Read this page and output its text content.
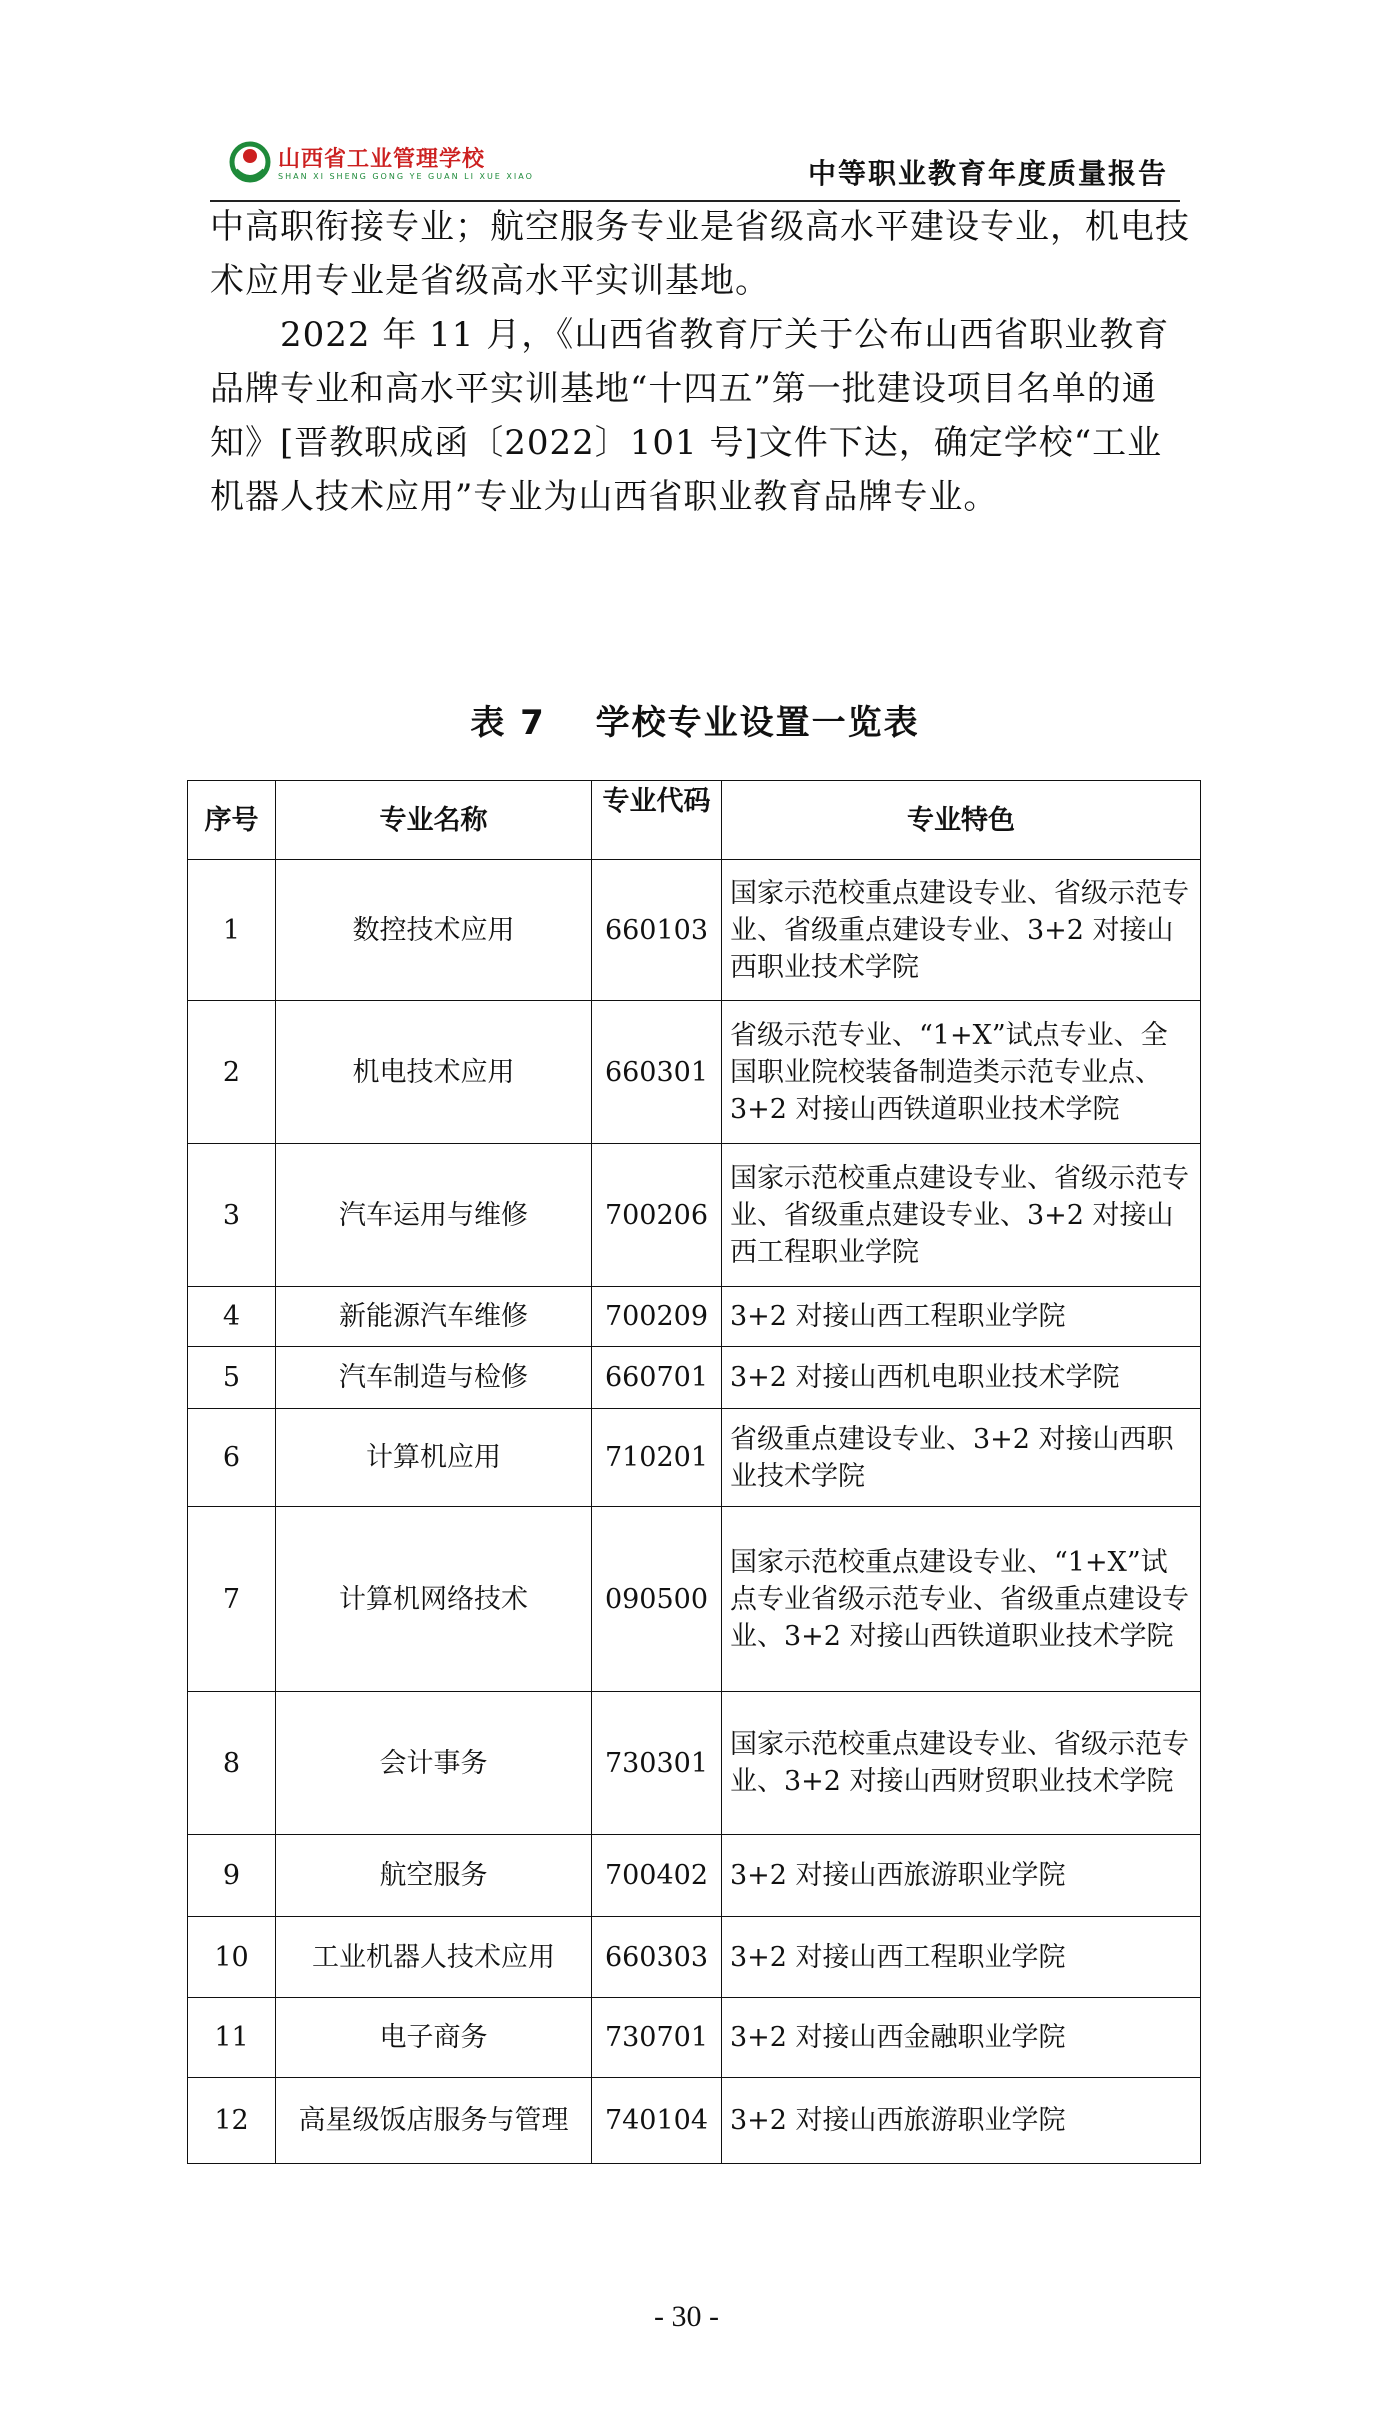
山西省工业管理学校
SHAN XI SHENG GONG YE GUAN LI XUE XIAO	中等职业教育年度质量报告

中高职衔接专业；航空服务专业是省级高水平建设专业，机电技术应用专业是省级高水平实训基地。

2022 年 11 月，《山西省教育厅关于公布山西省职业教育品牌专业和高水平实训基地“十四五”第一批建设项目名单的通知》[晋教职成函〔2022〕101 号]文件下达，确定学校“工业机器人技术应用”专业为山西省职业教育品牌专业。

表 7　 学校专业设置一览表
序号	专业名称	专业代码	专业特色
1	数控技术应用	660103	国家示范校重点建设专业、省级示范专业、省级重点建设专业、3+2 对接山西职业技术学院
2	机电技术应用	660301	省级示范专业、“1+X”试点专业、全国职业院校装备制造类示范专业点、3+2 对接山西铁道职业技术学院
3	汽车运用与维修	700206	国家示范校重点建设专业、省级示范专业、省级重点建设专业、3+2 对接山西工程职业学院
4	新能源汽车维修	700209	3+2 对接山西工程职业学院
5	汽车制造与检修	660701	3+2 对接山西机电职业技术学院
6	计算机应用	710201	省级重点建设专业、3+2 对接山西职业技术学院
7	计算机网络技术	090500	国家示范校重点建设专业、“1+X”试点专业省级示范专业、省级重点建设专业、3+2 对接山西铁道职业技术学院
8	会计事务	730301	国家示范校重点建设专业、省级示范专业、3+2 对接山西财贸职业技术学院
9	航空服务	700402	3+2 对接山西旅游职业学院
10	工业机器人技术应用	660303	3+2 对接山西工程职业学院
11	电子商务	730701	3+2 对接山西金融职业学院
12	高星级饭店服务与管理	740104	3+2 对接山西旅游职业学院
- 30 -
